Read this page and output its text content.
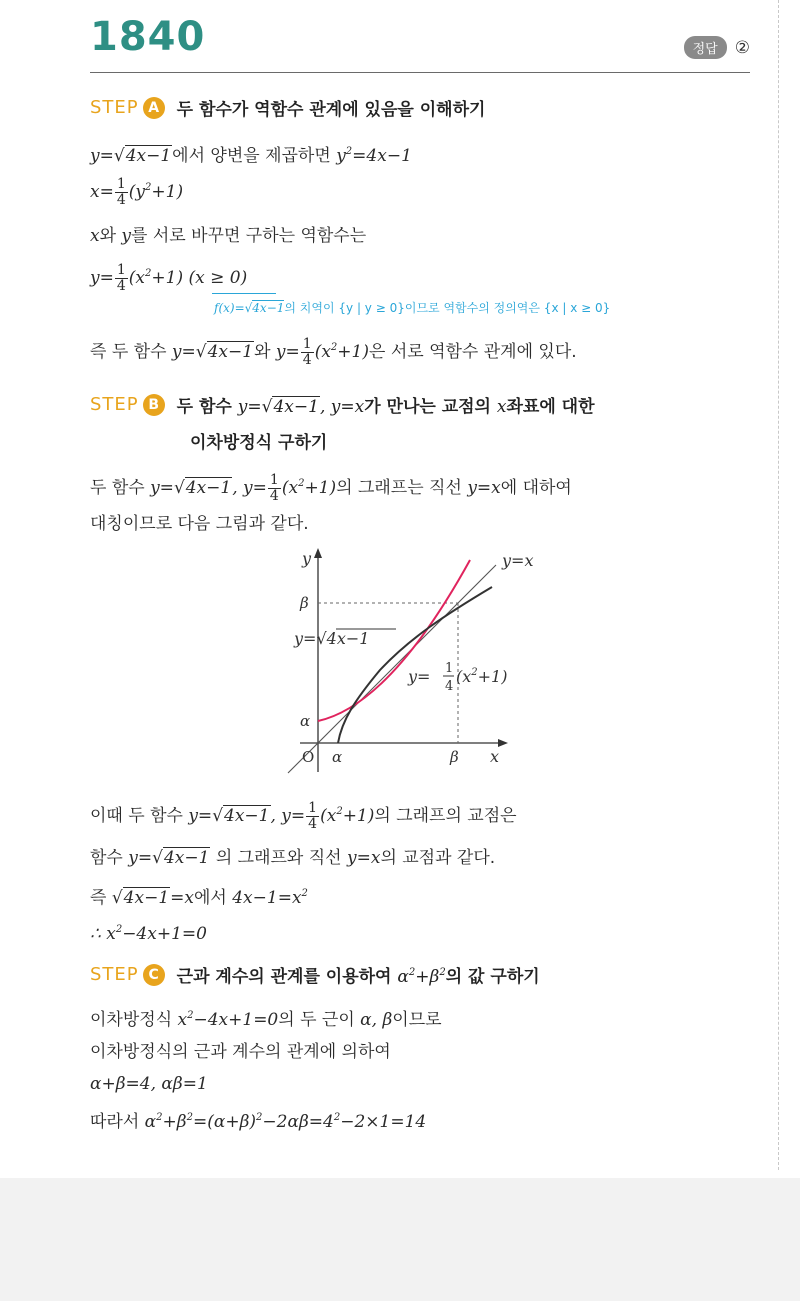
1840	정답	②
STEP A	두 함수가 역함수 관계에 있음을 이해하기
y=√4x−1에서 양변을 제곱하면 $y^2=4x-1$
$x= \frac{1}{4} (y^2+1)$
x와 y를 서로 바꾸면 구하는 역함수는
$y= \frac{1}{4} (x^2+1) (x \ge 0)$
f(x)=√4x−1의 치역이 {y | y ≥ 0}이므로 역함수의 정의역은 {x | x ≥ 0}
즉 두 함수 y=√4x−1와 $y= \frac{1}{4} (x^2+1)$은 서로 역함수 관계에 있다.
STEP B	두 함수 y=√4x−1, y=x가 만나는 교점의 x좌표에 대한
이차방정식 구하기
두 함수 y=√4x−1, $y= \frac{1}{4} (x^2+1)$의 그래프는 직선 y=x에 대하여
대칭이므로 다음 그림과 같다.
y
x
O
β
α
α	β
y=x
y=√4x−1
y= 1
4
$(x^2+1)$
이때 두 함수 y=√4x−1, $y= \frac{1}{4} (x^2+1)$의 그래프의 교점은
함수 y=√4x−1 의 그래프와 직선 y=x의 교점과 같다.
즉 √4x−1=x에서 $4x-1=x^2$
∴ $x^2-4x+1=0$
STEP C	근과 계수의 관계를 이용하여 $\alpha^2+\beta^2$의 값 구하기
이차방정식 $x^2-4x+1=0$의 두 근이 α, β이므로
이차방정식의 근과 계수의 관계에 의하여
α+β=4, αβ=1
따라서 $\alpha^2+\beta^2=(\alpha+\beta)^2-2\alpha\beta=4^2-2\times 1=14$
